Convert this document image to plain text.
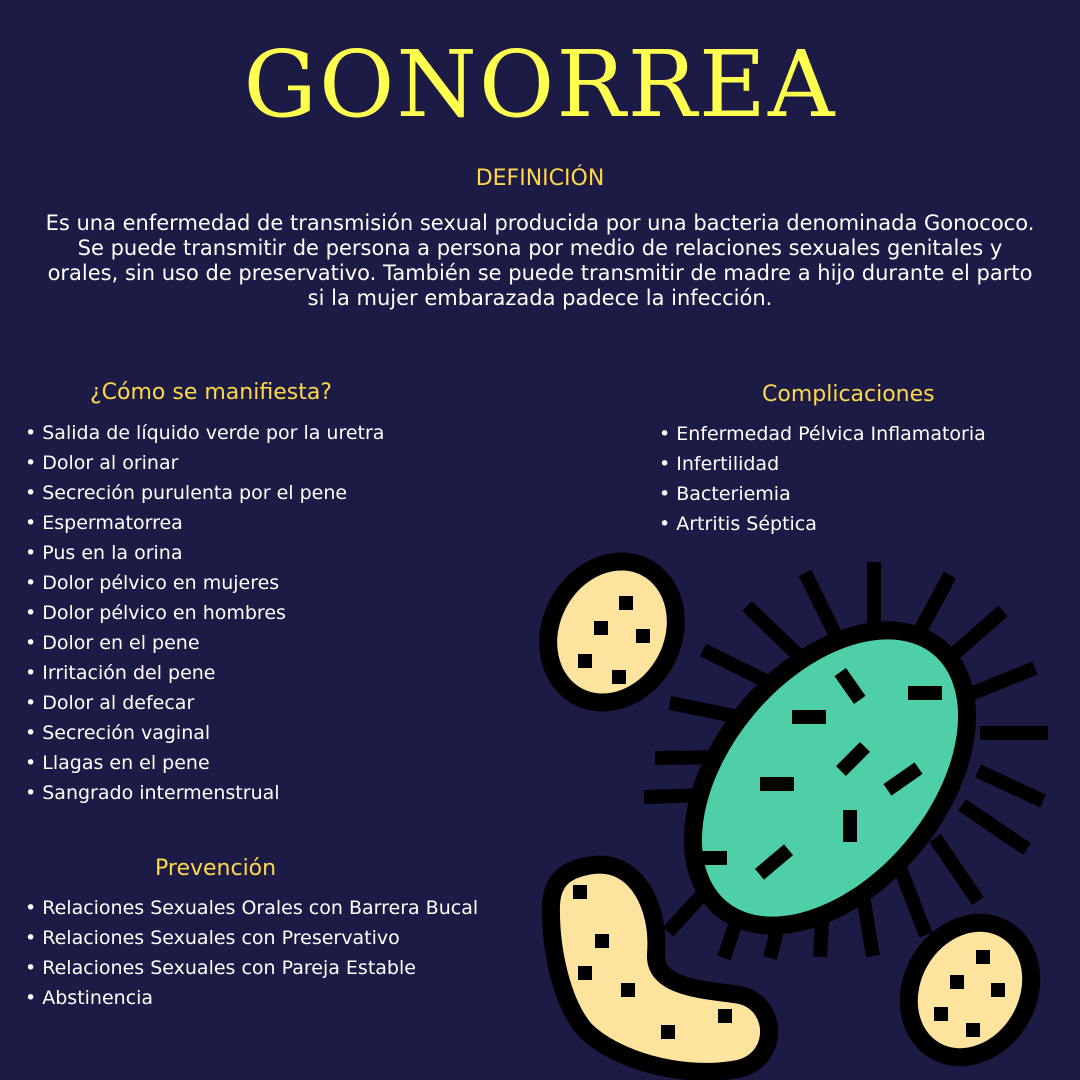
GONORREA
DEFINICIÓN
Es una enfermedad de transmisión sexual producida por una bacteria denominada Gonococo. Se puede transmitir de persona a persona por medio de relaciones sexuales genitales y orales, sin uso de preservativo. También se puede transmitir de madre a hijo durante el parto si la mujer embarazada padece la infección.
¿Cómo se manifiesta?
• Salida de líquido verde por la uretra
• Dolor al orinar
• Secreción purulenta por el pene
• Espermatorrea
• Pus en la orina
• Dolor pélvico en mujeres
• Dolor pélvico en hombres
• Dolor en el pene
• Irritación del pene
• Dolor al defecar
• Secreción vaginal
• Llagas en el pene
• Sangrado intermenstrual
Complicaciones
• Enfermedad Pélvica Inflamatoria
• Infertilidad
• Bacteriemia
• Artritis Séptica
Prevención
• Relaciones Sexuales Orales con Barrera Bucal
• Relaciones Sexuales con Preservativo
• Relaciones Sexuales con Pareja Estable
• Abstinencia
